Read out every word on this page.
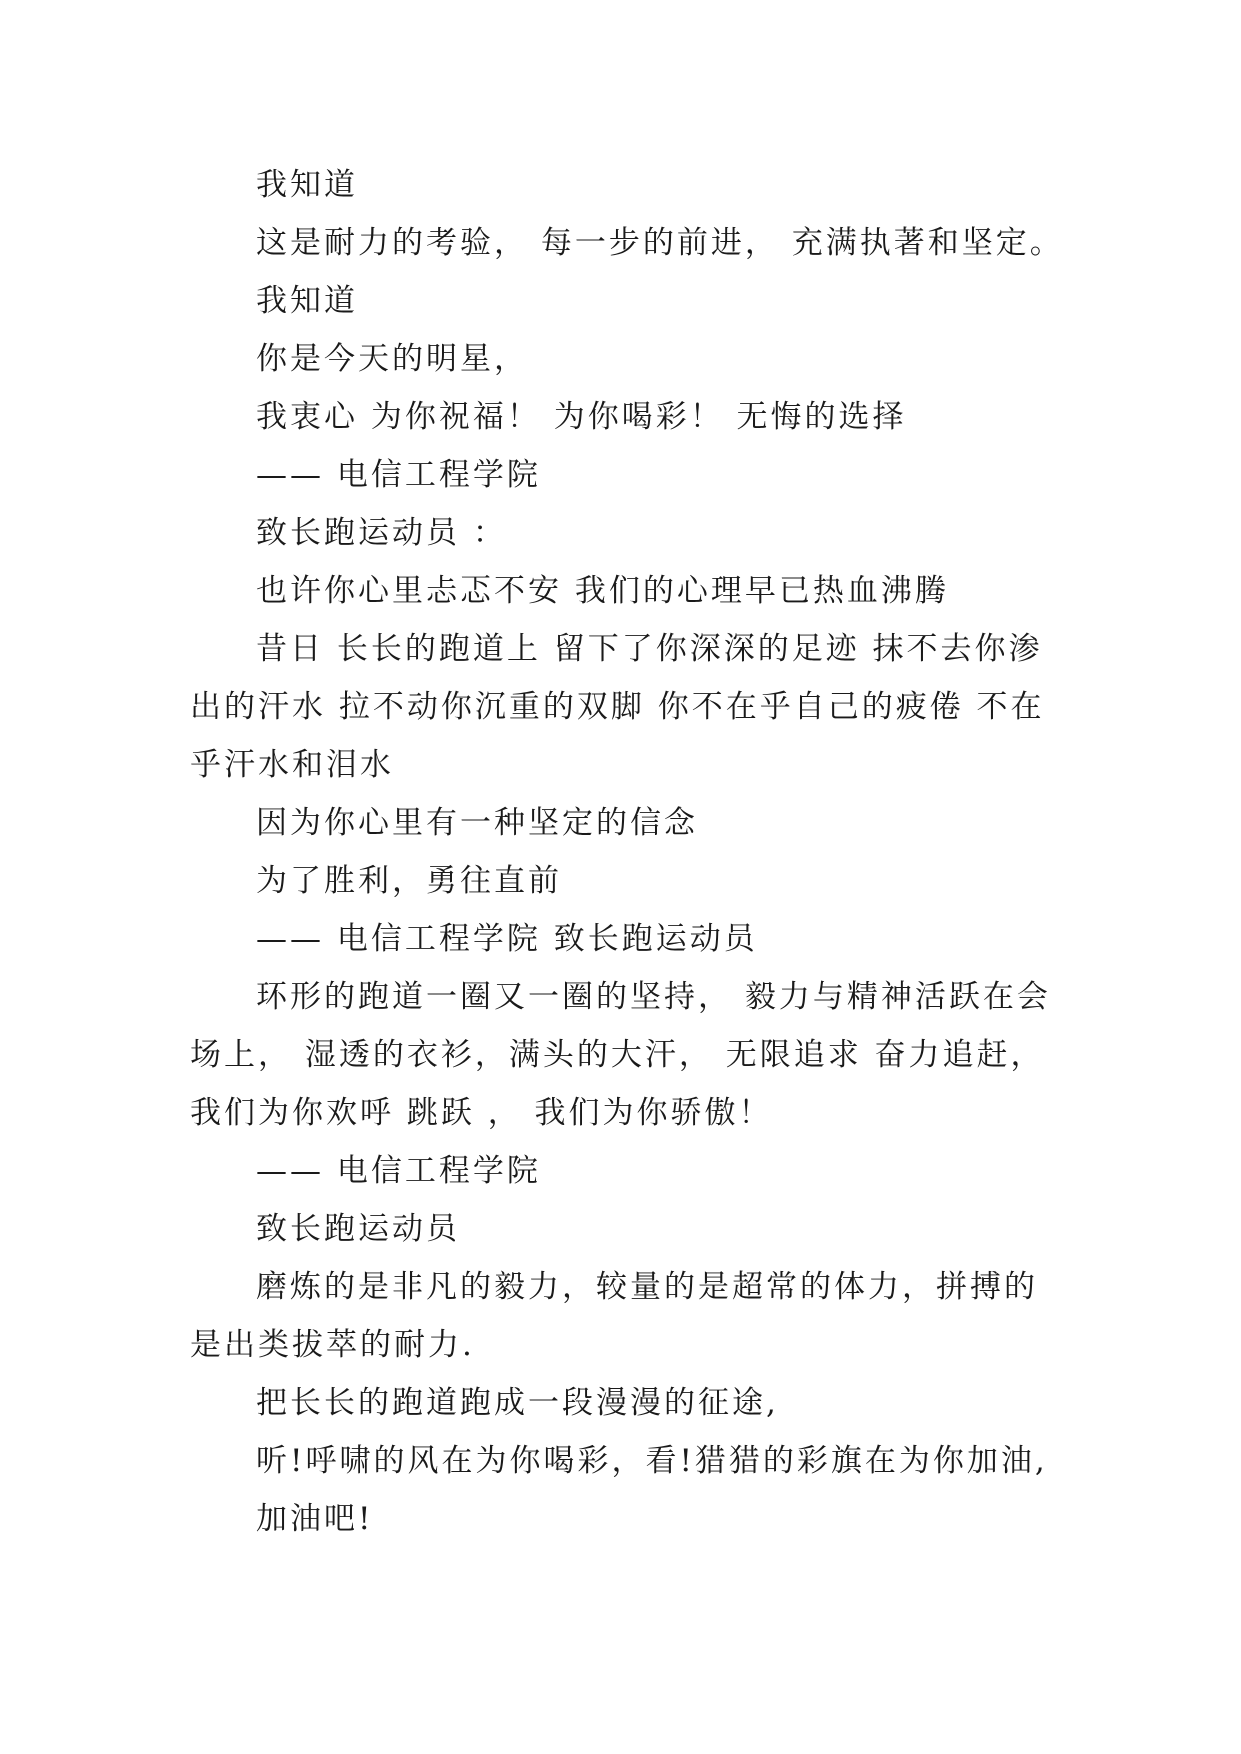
我知道

这是耐力的考验， 每一步的前进， 充满执著和坚定。

我知道

你是今天的明星，

我衷心 为你祝福！ 为你喝彩！ 无悔的选择

—— 电信工程学院

致长跑运动员 ：

也许你心里忐忑不安 我们的心理早已热血沸腾

昔日 长长的跑道上 留下了你深深的足迹 抹不去你渗出的汗水 拉不动你沉重的双脚 你不在乎自己的疲倦 不在乎汗水和泪水

因为你心里有一种坚定的信念

为了胜利，勇往直前

—— 电信工程学院 致长跑运动员

环形的跑道一圈又一圈的坚持， 毅力与精神活跃在会场上， 湿透的衣衫，满头的大汗， 无限追求 奋力追赶，我们为你欢呼 跳跃 ， 我们为你骄傲！

—— 电信工程学院

致长跑运动员

磨炼的是非凡的毅力，较量的是超常的体力，拼搏的是出类拔萃的耐力.

把长长的跑道跑成一段漫漫的征途,

听!呼啸的风在为你喝彩，看!猎猎的彩旗在为你加油,

加油吧!
